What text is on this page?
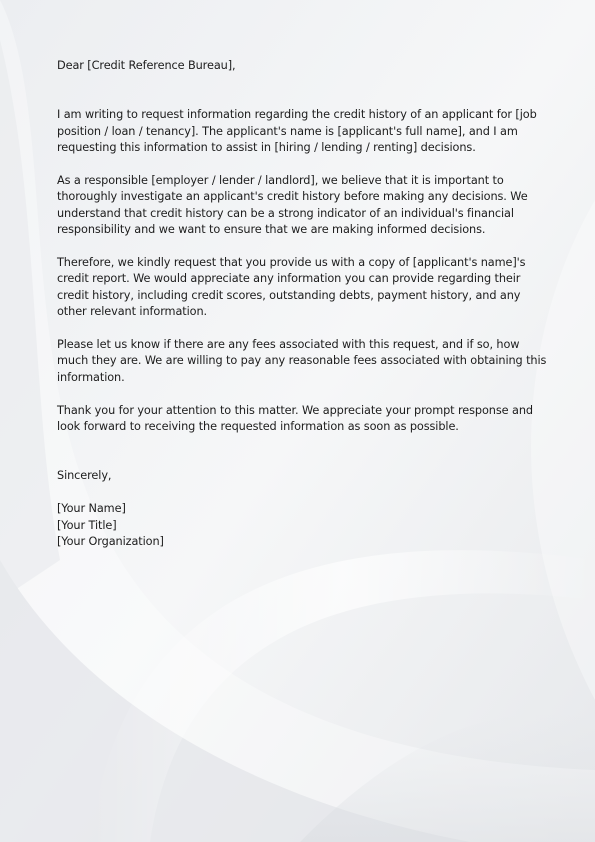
Dear [Credit Reference Bureau],

I am writing to request information regarding the credit history of an applicant for [job position / loan / tenancy]. The applicant's name is [applicant's full name], and I am requesting this information to assist in [hiring / lending / renting] decisions.

As a responsible [employer / lender / landlord], we believe that it is important to thoroughly investigate an applicant's credit history before making any decisions. We understand that credit history can be a strong indicator of an individual's financial responsibility and we want to ensure that we are making informed decisions.

Therefore, we kindly request that you provide us with a copy of [applicant's name]'s credit report. We would appreciate any information you can provide regarding their credit history, including credit scores, outstanding debts, payment history, and any other relevant information.

Please let us know if there are any fees associated with this request, and if so, how much they are. We are willing to pay any reasonable fees associated with obtaining this information.

Thank you for your attention to this matter. We appreciate your prompt response and look forward to receiving the requested information as soon as possible.

Sincerely,

[Your Name]
[Your Title]
[Your Organization]
